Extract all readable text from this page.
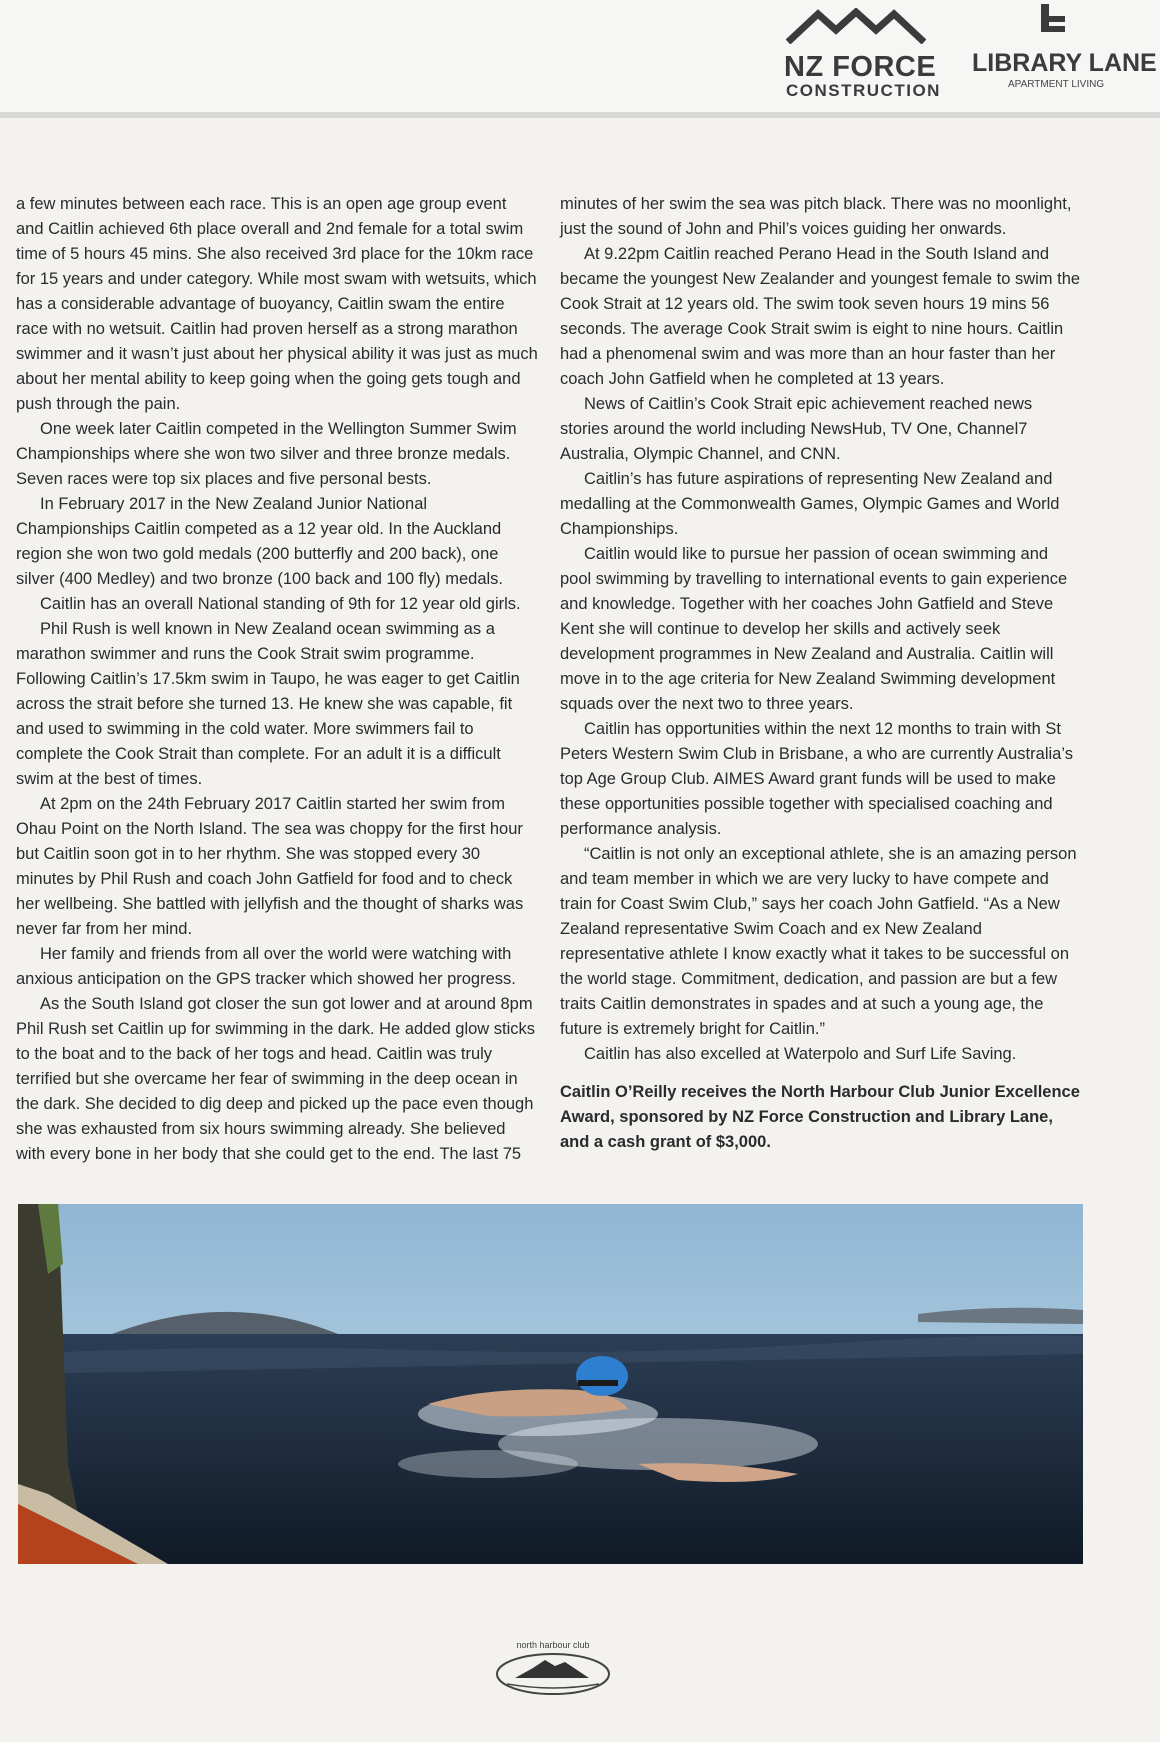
NZ FORCE
CONSTRUCTION
LIBRARY LANE
APARTMENT LIVING

a few minutes between each race. This is an open age group event and Caitlin achieved 6th place overall and 2nd female for a total swim time of 5 hours 45 mins. She also received 3rd place for the 10km race for 15 years and under category. While most swam with wetsuits, which has a considerable advantage of buoyancy, Caitlin swam the entire race with no wetsuit. Caitlin had proven herself as a strong marathon swimmer and it wasn’t just about her physical ability it was just as much about her mental ability to keep going when the going gets tough and push through the pain.

One week later Caitlin competed in the Wellington Summer Swim Championships where she won two silver and three bronze medals. Seven races were top six places and five personal bests.

In February 2017 in the New Zealand Junior National Championships Caitlin competed as a 12 year old. In the Auckland region she won two gold medals (200 butterfly and 200 back), one silver (400 Medley) and two bronze (100 back and 100 fly) medals.

Caitlin has an overall National standing of 9th for 12 year old girls.

Phil Rush is well known in New Zealand ocean swimming as a marathon swimmer and runs the Cook Strait swim programme. Following Caitlin’s 17.5km swim in Taupo, he was eager to get Caitlin across the strait before she turned 13. He knew she was capable, fit and used to swimming in the cold water. More swimmers fail to complete the Cook Strait than complete. For an adult it is a difficult swim at the best of times.

At 2pm on the 24th February 2017 Caitlin started her swim from Ohau Point on the North Island. The sea was choppy for the first hour but Caitlin soon got in to her rhythm. She was stopped every 30 minutes by Phil Rush and coach John Gatfield for food and to check her wellbeing. She battled with jellyfish and the thought of sharks was never far from her mind.

Her family and friends from all over the world were watching with anxious anticipation on the GPS tracker which showed her progress.

As the South Island got closer the sun got lower and at around 8pm Phil Rush set Caitlin up for swimming in the dark. He added glow sticks to the boat and to the back of her togs and head. Caitlin was truly terrified but she overcame her fear of swimming in the deep ocean in the dark. She decided to dig deep and picked up the pace even though she was exhausted from six hours swimming already. She believed with every bone in her body that she could get to the end. The last 75

minutes of her swim the sea was pitch black. There was no moonlight, just the sound of John and Phil’s voices guiding her onwards.

At 9.22pm Caitlin reached Perano Head in the South Island and became the youngest New Zealander and youngest female to swim the Cook Strait at 12 years old. The swim took seven hours 19 mins 56 seconds. The average Cook Strait swim is eight to nine hours. Caitlin had a phenomenal swim and was more than an hour faster than her coach John Gatfield when he completed at 13 years.

News of Caitlin’s Cook Strait epic achievement reached news stories around the world including NewsHub, TV One, Channel7 Australia, Olympic Channel, and CNN.

Caitlin’s has future aspirations of representing New Zealand and medalling at the Commonwealth Games, Olympic Games and World Championships.

Caitlin would like to pursue her passion of ocean swimming and pool swimming by travelling to international events to gain experience and knowledge. Together with her coaches John Gatfield and Steve Kent she will continue to develop her skills and actively seek development programmes in New Zealand and Australia. Caitlin will move in to the age criteria for New Zealand Swimming development squads over the next two to three years.

Caitlin has opportunities within the next 12 months to train with St Peters Western Swim Club in Brisbane, a who are currently Australia’s top Age Group Club. AIMES Award grant funds will be used to make these opportunities possible together with specialised coaching and performance analysis.

“Caitlin is not only an exceptional athlete, she is an amazing person and team member in which we are very lucky to have compete and train for Coast Swim Club,” says her coach John Gatfield. “As a New Zealand representative Swim Coach and ex New Zealand representative athlete I know exactly what it takes to be successful on the world stage. Commitment, dedication, and passion are but a few traits Caitlin demonstrates in spades and at such a young age, the future is extremely bright for Caitlin.”

Caitlin has also excelled at Waterpolo and Surf Life Saving.

Caitlin O’Reilly receives the North Harbour Club Junior Excellence Award, sponsored by NZ Force Construction and Library Lane, and a cash grant of $3,000.

north harbour club
